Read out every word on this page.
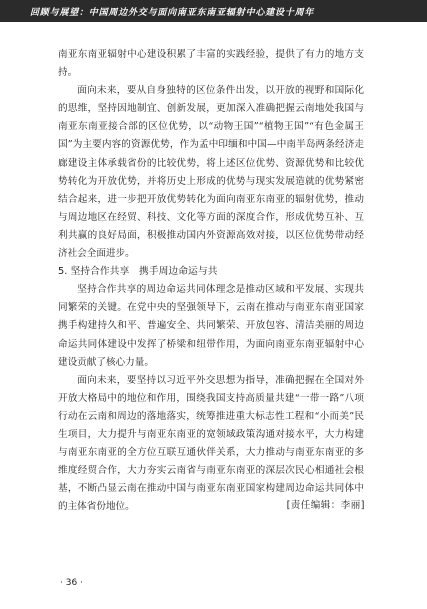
回顾与展望：中国周边外交与面向南亚东南亚辐射中心建设十周年

南亚东南亚辐射中心建设积累了丰富的实践经验，提供了有力的地方支持。

面向未来，要从自身独特的区位条件出发，以开放的视野和国际化的思维，坚持因地制宜、创新发展，更加深入准确把握云南地处我国与南亚东南亚接合部的区位优势，以“动物王国”“植物王国”“有色金属王国”为主要内容的资源优势，作为孟中印缅和中国—中南半岛两条经济走廊建设主体承载省份的比较优势，将上述区位优势、资源优势和比较优势转化为开放优势，并将历史上形成的优势与现实发展造就的优势紧密结合起来，进一步把开放优势转化为面向南亚东南亚的辐射优势，推动与周边地区在经贸、科技、文化等方面的深度合作，形成优势互补、互利共赢的良好局面，积极推动国内外资源高效对接，以区位优势带动经济社会全面进步。

5. 坚持合作共享　携手周边命运与共

坚持合作共享的周边命运共同体理念是推动区域和平发展、实现共同繁荣的关键。在党中央的坚强领导下，云南在推动与南亚东南亚国家携手构建持久和平、普遍安全、共同繁荣、开放包容、清洁美丽的周边命运共同体建设中发挥了桥梁和纽带作用，为面向南亚东南亚辐射中心建设贡献了核心力量。

面向未来，要坚持以习近平外交思想为指导，准确把握在全国对外开放大格局中的地位和作用，围绕我国支持高质量共建“一带一路”八项行动在云南和周边的落地落实，统筹推进重大标志性工程和“小而美”民生项目，大力提升与南亚东南亚的宽领域政策沟通对接水平，大力构建与南亚东南亚的全方位互联互通伙伴关系，大力推动与南亚东南亚的多维度经贸合作，大力夯实云南省与南亚东南亚的深层次民心相通社会根基，不断凸显云南在推动中国与南亚东南亚国家构建周边命运共同体中的主体省份地位。	[责任编辑：李丽]
· 36 ·
